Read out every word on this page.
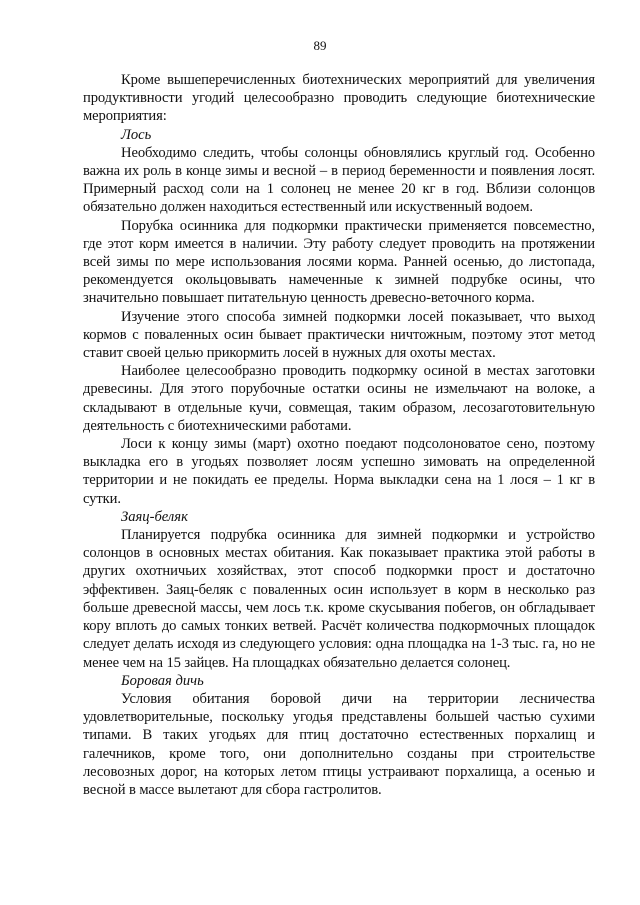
89

Кроме вышеперечисленных биотехнических мероприятий для увеличения продуктивности угодий целесообразно проводить следующие биотехнические мероприятия:

Лось

Необходимо следить, чтобы солонцы обновлялись круглый год. Особенно важна их роль в конце зимы и весной – в период беременности и появления лосят. Примерный расход соли на 1 солонец не менее 20 кг в год. Вблизи солонцов обязательно должен находиться естественный или искуственный водоем.

Порубка осинника для подкормки практически применяется повсеместно, где этот корм имеется в наличии. Эту работу следует проводить на протяжении всей зимы по мере использования лосями корма. Ранней осенью, до листопада, рекомендуется окольцовывать намеченные к зимней подрубке осины, что значительно повышает питательную ценность древесно-веточного корма.

Изучение этого способа зимней подкормки лосей показывает, что выход кормов с поваленных осин бывает практически ничтожным, поэтому этот метод ставит своей целью прикормить лосей в нужных для охоты местах.

Наиболее целесообразно проводить подкормку осиной в местах заготовки древесины. Для этого порубочные остатки осины не измельчают на волоке, а складывают в отдельные кучи, совмещая, таким образом, лесозаготовительную деятельность с биотехническими работами.

Лоси к концу зимы (март) охотно поедают подсолоноватое сено, поэтому выкладка его в угодьях позволяет лосям успешно зимовать на определенной территории и не покидать ее пределы. Норма выкладки сена на 1 лося – 1 кг в сутки.

Заяц-беляк

Планируется подрубка осинника для зимней подкормки и устройство солонцов в основных местах обитания. Как показывает практика этой работы в других охотничьих хозяйствах, этот способ подкормки прост и достаточно эффективен. Заяц-беляк с поваленных осин использует в корм в несколько раз больше древесной массы, чем лось т.к. кроме скусывания побегов, он обгладывает кору вплоть до самых тонких ветвей. Расчёт количества подкормочных площадок следует делать исходя из следующего условия: одна площадка на 1-3 тыс. га, но не менее чем на 15 зайцев. На площадках обязательно делается солонец.

Боровая дичь

Условия обитания боровой дичи на территории лесничества удовлетворительные, поскольку угодья представлены большей частью сухими типами. В таких угодьях для птиц достаточно естественных порхалищ и галечников, кроме того, они дополнительно созданы при строительстве лесовозных дорог, на которых летом птицы устраивают порхалища, а осенью и весной в массе вылетают для сбора гастролитов.
